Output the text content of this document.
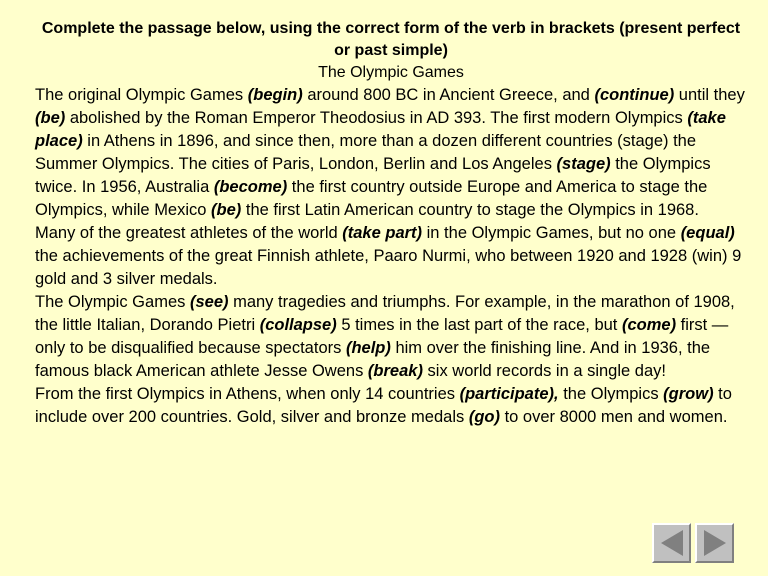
Complete the passage below, using the correct form of the verb in brackets (present perfect or past simple)

The Olympic Games

The original Olympic Games (begin) around 800 BC in Ancient Greece, and (continue) until they (be) abolished by the Roman Emperor Theodosius in AD 393. The first modern Olympics (take place) in Athens in 1896, and since then, more than a dozen different countries (stage) the Summer Olympics. The cities of Paris, London, Berlin and Los Angeles (stage) the Olympics twice. In 1956, Australia (become) the first country outside Europe and America to stage the Olympics, while Mexico (be) the first Latin American country to stage the Olympics in 1968.

Many of the greatest athletes of the world (take part) in the Olympic Games, but no one (equal) the achievements of the great Finnish athlete, Paaro Nurmi, who between 1920 and 1928 (win) 9 gold and 3 silver medals.

The Olympic Games (see) many tragedies and triumphs. For example, in the marathon of 1908, the little Italian, Dorando Pietri (collapse) 5 times in the last part of the race, but (come) first — only to be disqualified because spectators (help) him over the finishing line. And in 1936, the famous black American athlete Jesse Owens (break) six world records in a single day!

From the first Olympics in Athens, when only 14 countries (participate), the Olympics (grow) to include over 200 countries. Gold, silver and bronze medals (go) to over 8000 men and women.
